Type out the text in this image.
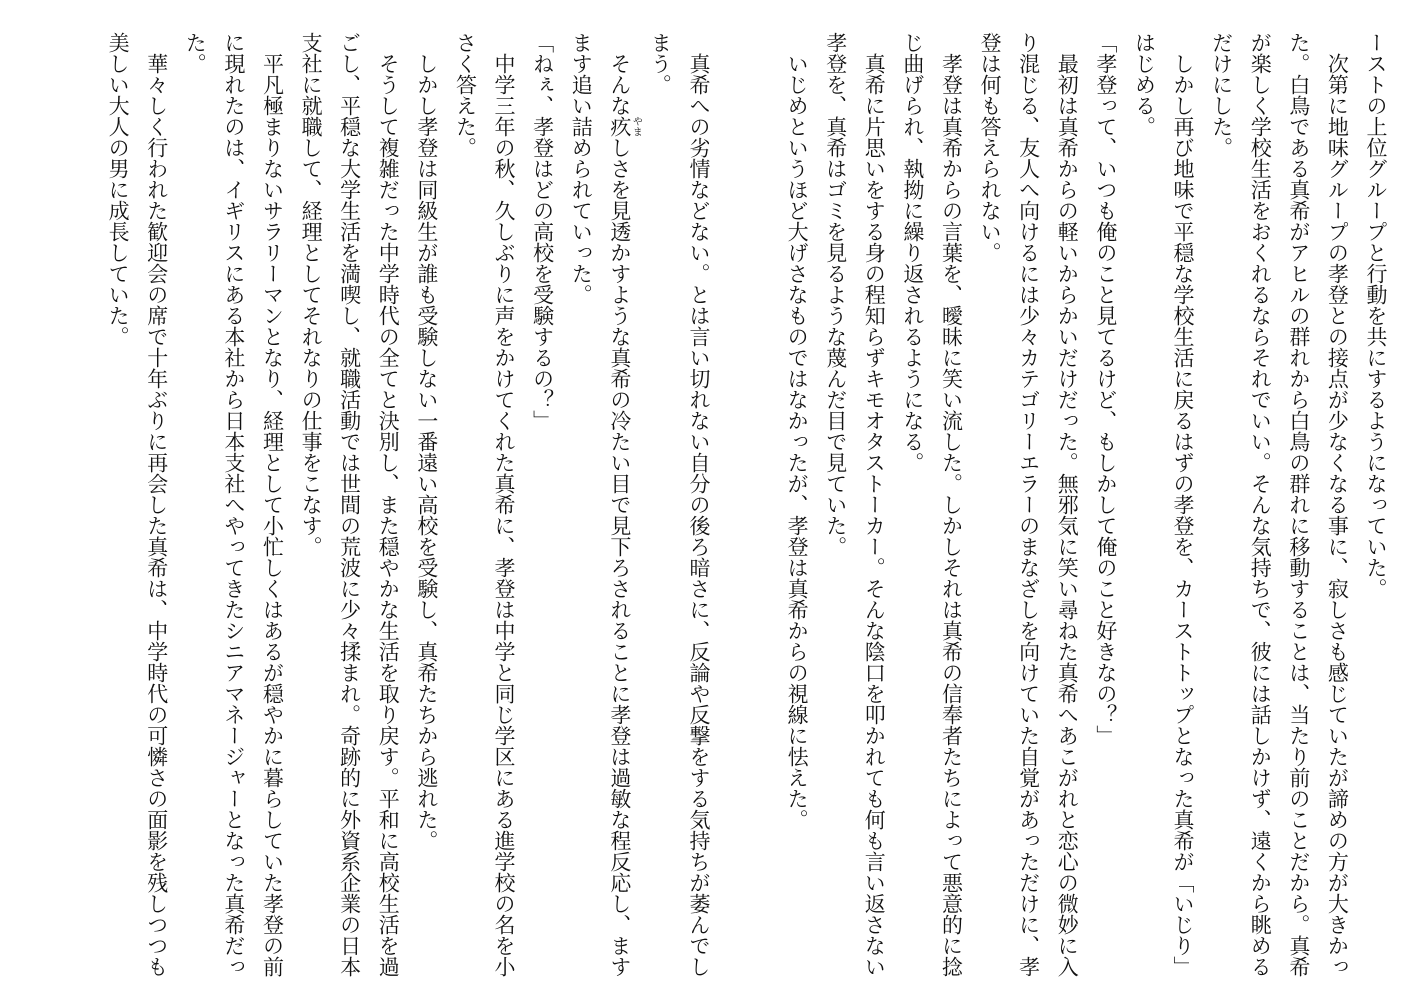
ーストの上位グループと行動を共にするようになっていた。

　次第に地味グループの孝登との接点が少なくなる事に、寂しさも感じていたが諦めの方が大きかった。白鳥である真希がアヒルの群れから白鳥の群れに移動することは、当たり前のことだから。真希が楽しく学校生活をおくれるならそれでいい。そんな気持ちで、彼には話しかけず、遠くから眺めるだけにした。

　しかし再び地味で平穏な学校生活に戻るはずの孝登を、カーストトップとなった真希が「いじり」はじめる。

「孝登って、いつも俺のこと見てるけど、もしかして俺のこと好きなの？」

　最初は真希からの軽いからかいだけだった。無邪気に笑い尋ねた真希へあこがれと恋心の微妙に入り混じる、友人へ向けるには少々カテゴリーエラーのまなざしを向けていた自覚があっただけに、孝登は何も答えられない。

　孝登は真希からの言葉を、曖昧に笑い流した。しかしそれは真希の信奉者たちによって悪意的に捻じ曲げられ、執拗に繰り返されるようになる。

　真希に片思いをする身の程知らずキモオタストーカー。そんな陰口を叩かれても何も言い返さない孝登を、真希はゴミを見るような蔑んだ目で見ていた。

　いじめというほど大げさなものではなかったが、孝登は真希からの視線に怯えた。

　真希への劣情などない。とは言い切れない自分の後ろ暗さに、反論や反撃をする気持ちが萎んでしまう。

　そんな疚やましさを見透かすような真希の冷たい目で見下ろされることに孝登は過敏な程反応し、ますます追い詰められていった。

「ねぇ、孝登はどの高校を受験するの？」

　中学三年の秋、久しぶりに声をかけてくれた真希に、孝登は中学と同じ学区にある進学校の名を小さく答えた。

　しかし孝登は同級生が誰も受験しない一番遠い高校を受験し、真希たちから逃れた。

　そうして複雑だった中学時代の全てと決別し、また穏やかな生活を取り戻す。平和に高校生活を過ごし、平穏な大学生活を満喫し、就職活動では世間の荒波に少々揉まれ。奇跡的に外資系企業の日本支社に就職して、経理としてそれなりの仕事をこなす。

　平凡極まりないサラリーマンとなり、経理として小忙しくはあるが穏やかに暮らしていた孝登の前に現れたのは、イギリスにある本社から日本支社へやってきたシニアマネージャーとなった真希だった。

　華々しく行われた歓迎会の席で十年ぶりに再会した真希は、中学時代の可憐さの面影を残しつつも美しい大人の男に成長していた。
